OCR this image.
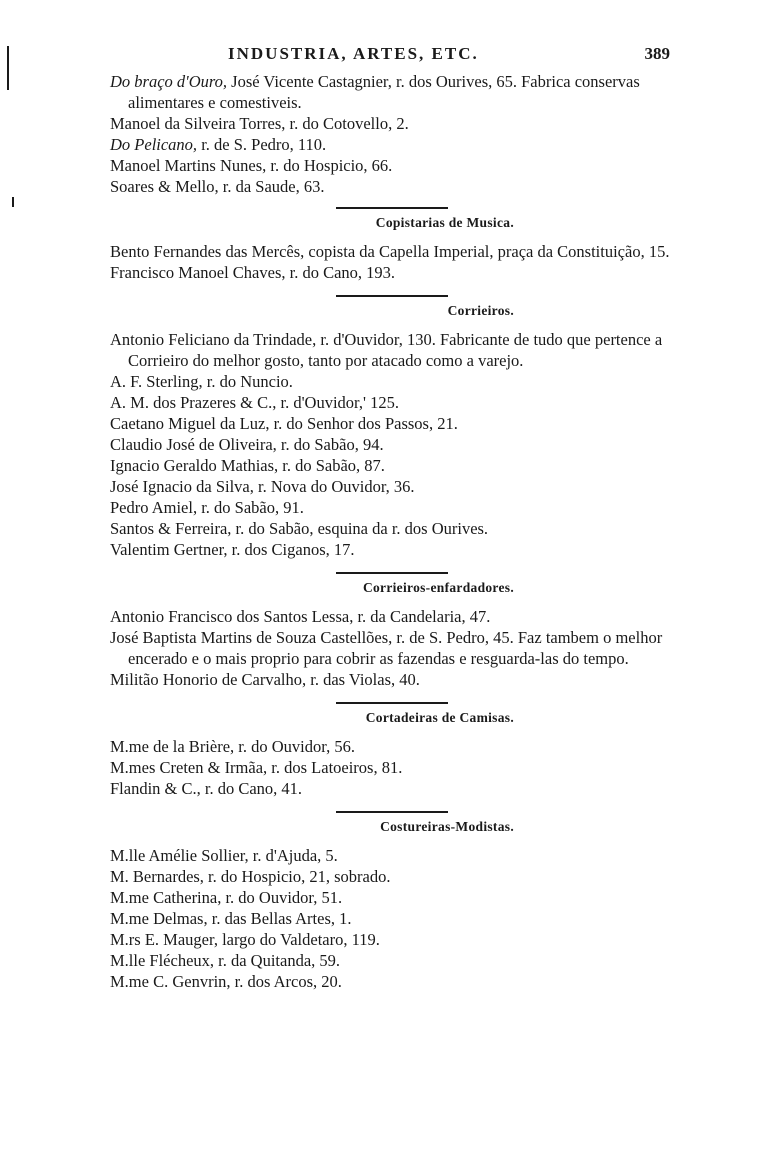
INDUSTRIA, ARTES, ETC.	389

Do braço d'Ouro, José Vicente Castagnier, r. dos Ourives, 65. Fabrica conservas alimentares e comestiveis.

Manoel da Silveira Torres, r. do Cotovello, 2.

Do Pelicano, r. de S. Pedro, 110.

Manoel Martins Nunes, r. do Hospicio, 66.

Soares & Mello, r. da Saude, 63.

Copistarias de Musica.

Bento Fernandes das Mercês, copista da Capella Imperial, praça da Constituição, 15.

Francisco Manoel Chaves, r. do Cano, 193.

Corrieiros.

Antonio Feliciano da Trindade, r. d'Ouvidor, 130. Fabricante de tudo que pertence a Corrieiro do melhor gosto, tanto por atacado como a varejo.

A. F. Sterling, r. do Nuncio.

A. M. dos Prazeres & C., r. d'Ouvidor,' 125.

Caetano Miguel da Luz, r. do Senhor dos Passos, 21.

Claudio José de Oliveira, r. do Sabão, 94.

Ignacio Geraldo Mathias, r. do Sabão, 87.

José Ignacio da Silva, r. Nova do Ouvidor, 36.

Pedro Amiel, r. do Sabão, 91.

Santos & Ferreira, r. do Sabão, esquina da r. dos Ourives.

Valentim Gertner, r. dos Ciganos, 17.

Corrieiros-enfardadores.

Antonio Francisco dos Santos Lessa, r. da Candelaria, 47.

José Baptista Martins de Souza Castellões, r. de S. Pedro, 45. Faz tambem o melhor encerado e o mais proprio para cobrir as fazendas e resguarda-las do tempo.

Militão Honorio de Carvalho, r. das Violas, 40.

Cortadeiras de Camisas.

M.me de la Brière, r. do Ouvidor, 56.

M.mes Creten & Irmãa, r. dos Latoeiros, 81.

Flandin & C., r. do Cano, 41.

Costureiras-Modistas.

M.lle Amélie Sollier, r. d'Ajuda, 5.

M. Bernardes, r. do Hospicio, 21, sobrado.

M.me Catherina, r. do Ouvidor, 51.

M.me Delmas, r. das Bellas Artes, 1.

M.rs E. Mauger, largo do Valdetaro, 119.

M.lle Flécheux, r. da Quitanda, 59.

M.me C. Genvrin, r. dos Arcos, 20.
